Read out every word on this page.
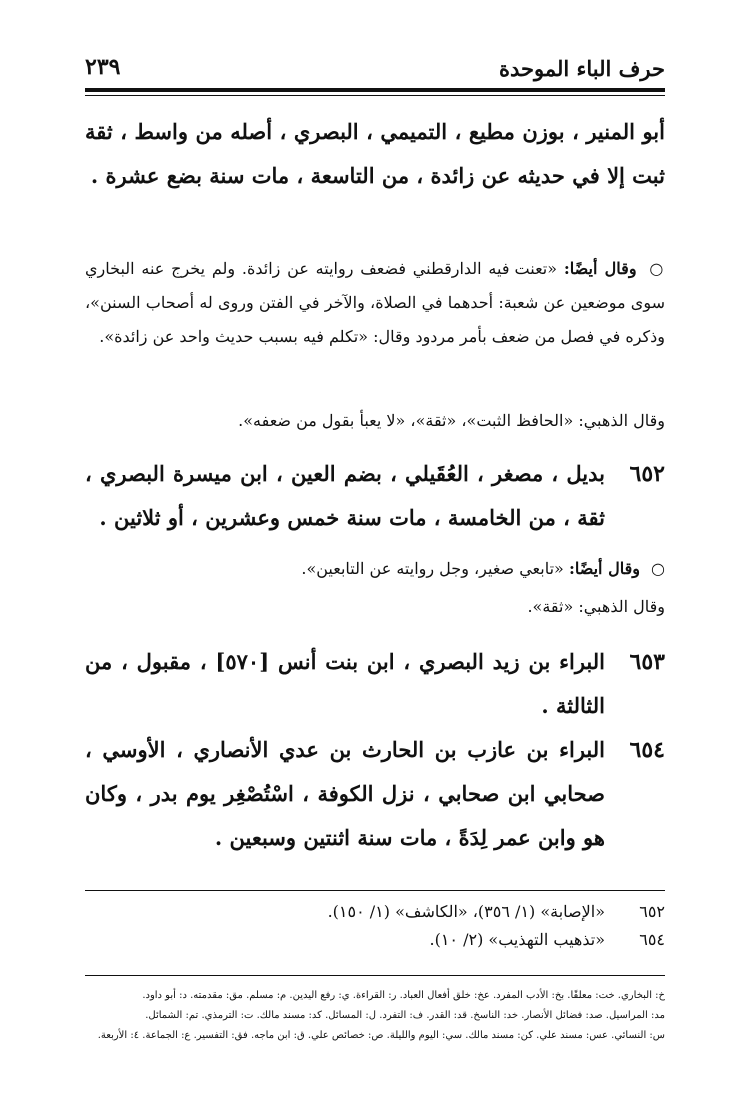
حرف الباء الموحدة
٢٣٩
أبو المنير ، بوزن مطيع ، التميمي ، البصري ، أصله من واسط ، ثقة ثبت إلا في حديثه عن زائدة ، من التاسعة ، مات سنة بضع عشرة .
○ وقال أيضًا: «تعنت فيه الدارقطني فضعف روايته عن زائدة. ولم يخرج عنه البخاري سوى موضعين عن شعبة: أحدهما في الصلاة، والآخر في الفتن وروى له أصحاب السنن»، وذكره في فصل من ضعف بأمر مردود وقال: «تكلم فيه بسبب حديث واحد عن زائدة».
وقال الذهبي: «الحافظ الثبت»، «ثقة»، «لا يعبأ بقول من ضعفه».
٦٥٢
بديل ، مصغر ، العُقَيلي ، بضم العين ، ابن ميسرة البصري ، ثقة ، من الخامسة ، مات سنة خمس وعشرين ، أو ثلاثين .
○ وقال أيضًا: «تابعي صغير، وجل روايته عن التابعين».
وقال الذهبي: «ثقة».
٦٥٣
البراء بن زيد البصري ، ابن بنت أنس [٥٧٠] ، مقبول ، من الثالثة .
٦٥٤
البراء بن عازب بن الحارث بن عدي الأنصاري ، الأوسي ، صحابي ابن صحابي ، نزل الكوفة ، اسْتُصْغِر يوم بدر ، وكان هو وابن عمر لِدَةً ، مات سنة اثنتين وسبعين .
٦٥٢
«الإصابة» (١/ ٣٥٦)، «الكاشف» (١/ ١٥٠).
٦٥٤
«تذهيب التهذيب» (٢/ ١٠).
خ: البخاري. خت: معلقًا. بخ: الأدب المفرد. عخ: خلق أفعال العباد. ر: القراءة. ي: رفع اليدين. م: مسلم. مق: مقدمته. د: أبو داود.
مد: المراسيل. صد: فضائل الأنصار. خد: الناسخ. قد: القدر. ف: التفرد. ل: المسائل. كد: مسند مالك. ت: الترمذي. تم: الشمائل.
س: النسائي. عس: مسند علي. كن: مسند مالك. سي: اليوم والليلة. ص: خصائص علي. ق: ابن ماجه. فق: التفسير. ع: الجماعة. ٤: الأربعة.
